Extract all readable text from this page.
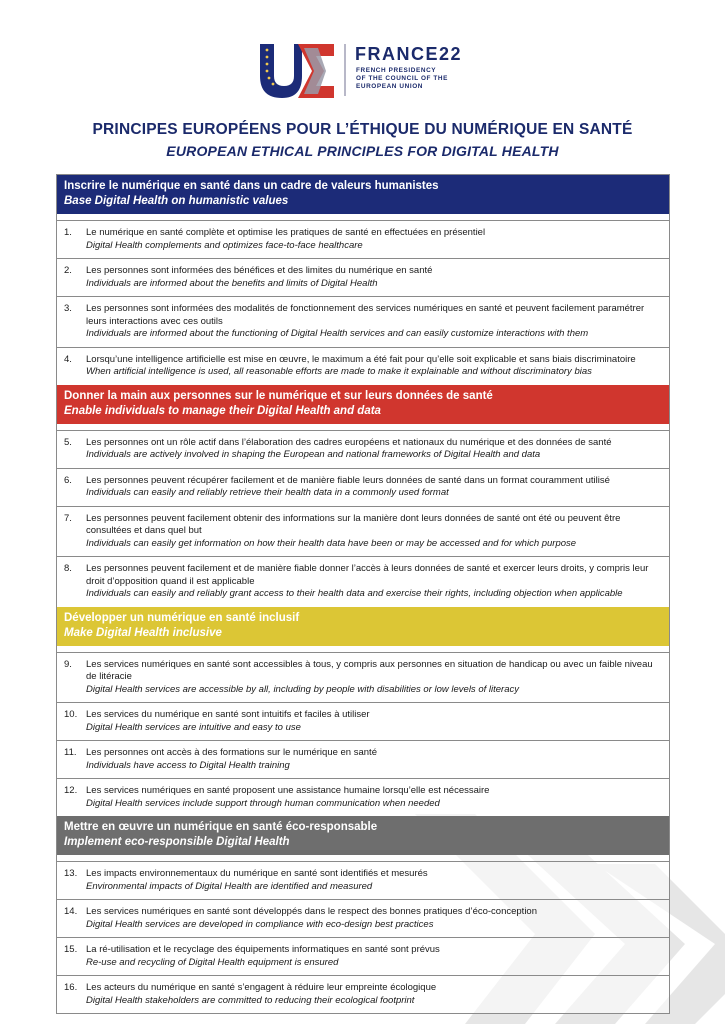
FRANCE22
FRENCH PRESIDENCY
OF THE COUNCIL OF THE
EUROPEAN UNION
PRINCIPES EUROPÉENS POUR L’ÉTHIQUE DU NUMÉRIQUE EN SANTÉ
EUROPEAN ETHICAL PRINCIPLES FOR DIGITAL HEALTH
Inscrire le numérique en santé dans un cadre de valeurs humanistes
Base Digital Health on humanistic values
1.	Le numérique en santé complète et optimise les pratiques de santé en effectuées en présentiel
Digital Health complements and optimizes face-to-face healthcare
2.	Les personnes sont informées des bénéfices et des limites du numérique en santé
Individuals are informed about the benefits and limits of Digital Health
3.	Les personnes sont informées des modalités de fonctionnement des services numériques en santé et peuvent facilement paramétrer leurs interactions avec ces outils
Individuals are informed about the functioning of Digital Health services and can easily customize interactions with them
4.	Lorsqu’une intelligence artificielle est mise en œuvre, le maximum a été fait pour qu’elle soit explicable et sans biais discriminatoire
When artificial intelligence is used, all reasonable efforts are made to make it explainable and without discriminatory bias
Donner la main aux personnes sur le numérique et sur leurs données de santé
Enable individuals to manage their Digital Health and data
5.	Les personnes ont un rôle actif dans l’élaboration des cadres européens et nationaux du numérique et des données de santé
Individuals are actively involved in shaping the European and national frameworks of Digital Health and data
6.	Les personnes peuvent récupérer facilement et de manière fiable leurs données de santé dans un format couramment utilisé
Individuals can easily and reliably retrieve their health data in a commonly used format
7.	Les personnes peuvent facilement obtenir des informations sur la manière dont leurs données de santé ont été ou peuvent être consultées et dans quel but
Individuals can easily get information on how their health data have been or may be accessed and for which purpose
8.	Les personnes peuvent facilement et de manière fiable donner l’accès à leurs données de santé et exercer leurs droits, y compris leur droit d’opposition quand il est applicable
Individuals can easily and reliably grant access to their health data and exercise their rights, including objection when applicable
Développer un numérique en santé inclusif
Make Digital Health inclusive
9.	Les services numériques en santé sont accessibles à tous, y compris aux personnes en situation de handicap ou avec un faible niveau de litéracie
Digital Health services are accessible by all, including by people with disabilities or low levels of literacy
10. Les services du numérique en santé sont intuitifs et faciles à utiliser
Digital Health services are intuitive and easy to use
11. Les personnes ont accès à des formations sur le numérique en santé
Individuals have access to Digital Health training
12. Les services numériques en santé proposent une assistance humaine lorsqu’elle est nécessaire
Digital Health services include support through human communication when needed
Mettre en œuvre un numérique en santé éco-responsable
Implement eco-responsible Digital Health
13. Les impacts environnementaux du numérique en santé sont identifiés et mesurés
Environmental impacts of Digital Health are identified and measured
14. Les services numériques en santé sont développés dans le respect des bonnes pratiques d’éco-conception
Digital Health services are developed in compliance with eco-design best practices
15. La ré-utilisation et le recyclage des équipements informatiques en santé sont prévus
Re-use and recycling of Digital Health equipment is ensured
16. Les acteurs du numérique en santé s’engagent à réduire leur empreinte écologique
Digital Health stakeholders are committed to reducing their ecological footprint
